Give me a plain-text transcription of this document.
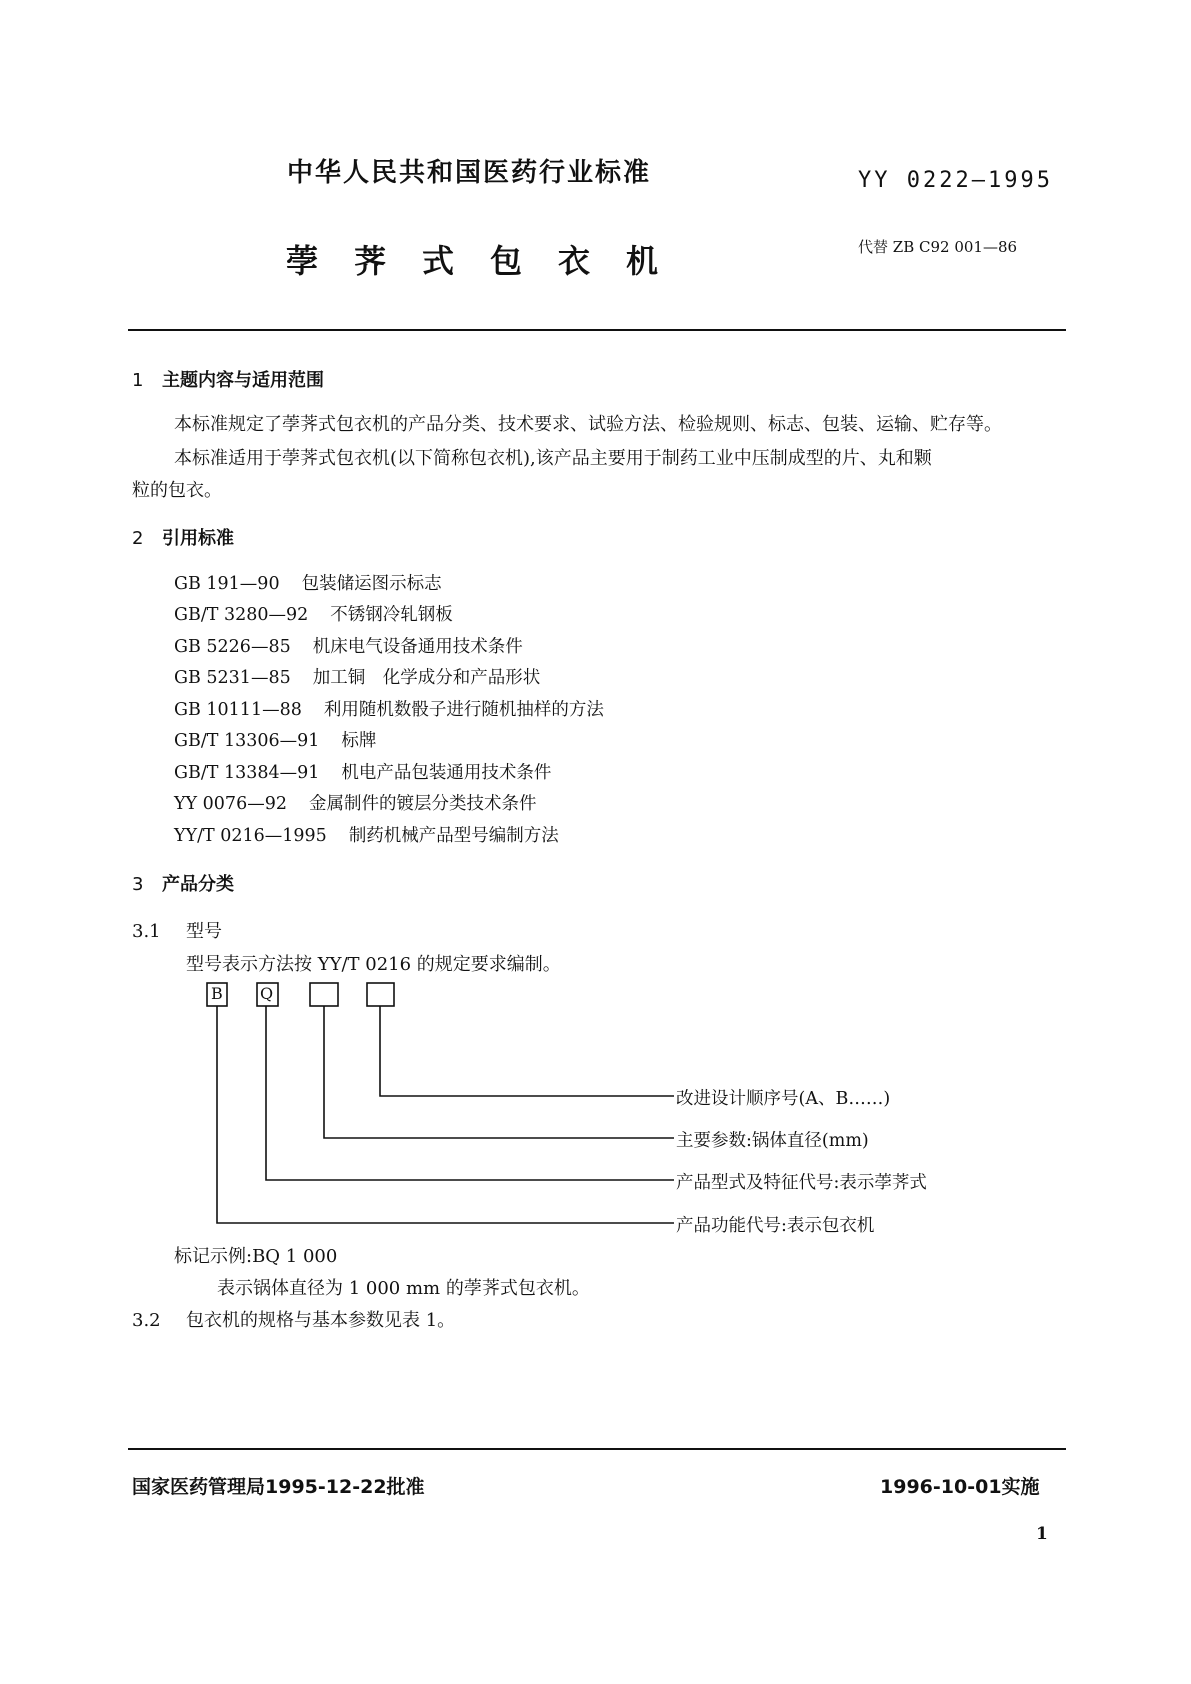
中华人民共和国医药行业标准	YY 0222—1995
荸荠式包衣机	代替 ZB C92 001—86
1 主题内容与适用范围
本标准规定了荸荠式包衣机的产品分类、技术要求、试验方法、检验规则、标志、包装、运输、贮存等。
本标准适用于荸荠式包衣机(以下简称包衣机),该产品主要用于制药工业中压制成型的片、丸和颗
粒的包衣。
2 引用标准
GB 191—90 包装储运图示标志
GB/T 3280—92 不锈钢冷轧钢板
GB 5226—85 机床电气设备通用技术条件
GB 5231—85 加工铜　化学成分和产品形状
GB 10111—88 利用随机数骰子进行随机抽样的方法
GB/T 13306—91 标牌
GB/T 13384—91 机电产品包装通用技术条件
YY 0076—92 金属制件的镀层分类技术条件
YY/T 0216—1995 制药机械产品型号编制方法
3 产品分类
3.1 型号
型号表示方法按 YY/T 0216 的规定要求编制。
B Q
改进设计顺序号(A、B……)
主要参数:锅体直径(mm)
产品型式及特征代号:表示荸荠式
产品功能代号:表示包衣机
标记示例:BQ 1 000
表示锅体直径为 1 000 mm 的荸荠式包衣机。
3.2 包衣机的规格与基本参数见表 1。
国家医药管理局1995-12-22批准	1996-10-01实施
1
